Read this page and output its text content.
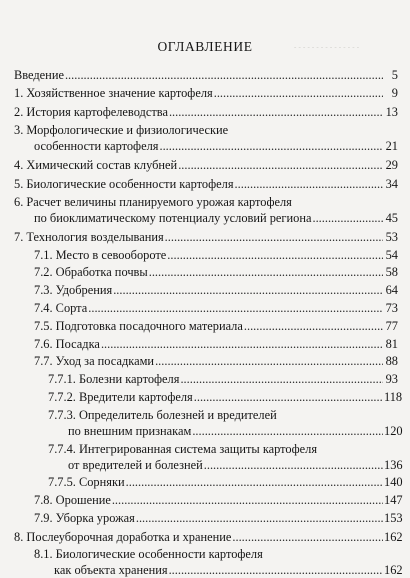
- - - - - - - - - - - - - - -
ОГЛАВЛЕНИЕ
Введение .....	5
1. Хозяйственное значение картофеля .....	9
2. История картофелеводства .....	13
3. Морфологические и физиологические
особенности картофеля .....	21
4. Химический состав клубней .....	29
5. Биологические особенности картофеля .....	34
6. Расчет величины планируемого урожая картофеля
по биоклиматическому потенциалу условий региона .....	45
7. Технология возделывания .....	53
7.1. Место в севообороте .....	54
7.2. Обработка почвы .....	58
7.3. Удобрения .....	64
7.4. Сорта .....	73
7.5. Подготовка посадочного материала .....	77
7.6. Посадка .....	81
7.7. Уход за посадками .....	88
7.7.1. Болезни картофеля .....	93
7.7.2. Вредители картофеля .....	118
7.7.3. Определитель болезней и вредителей
по внешним признакам .....	120
7.7.4. Интегрированная система защиты картофеля
от вредителей и болезней .....	136
7.7.5. Сорняки .....	140
7.8. Орошение .....	147
7.9. Уборка урожая .....	153
8. Послеуборочная доработка и хранение .....	162
8.1. Биологические особенности картофеля
как объекта хранения .....	162
